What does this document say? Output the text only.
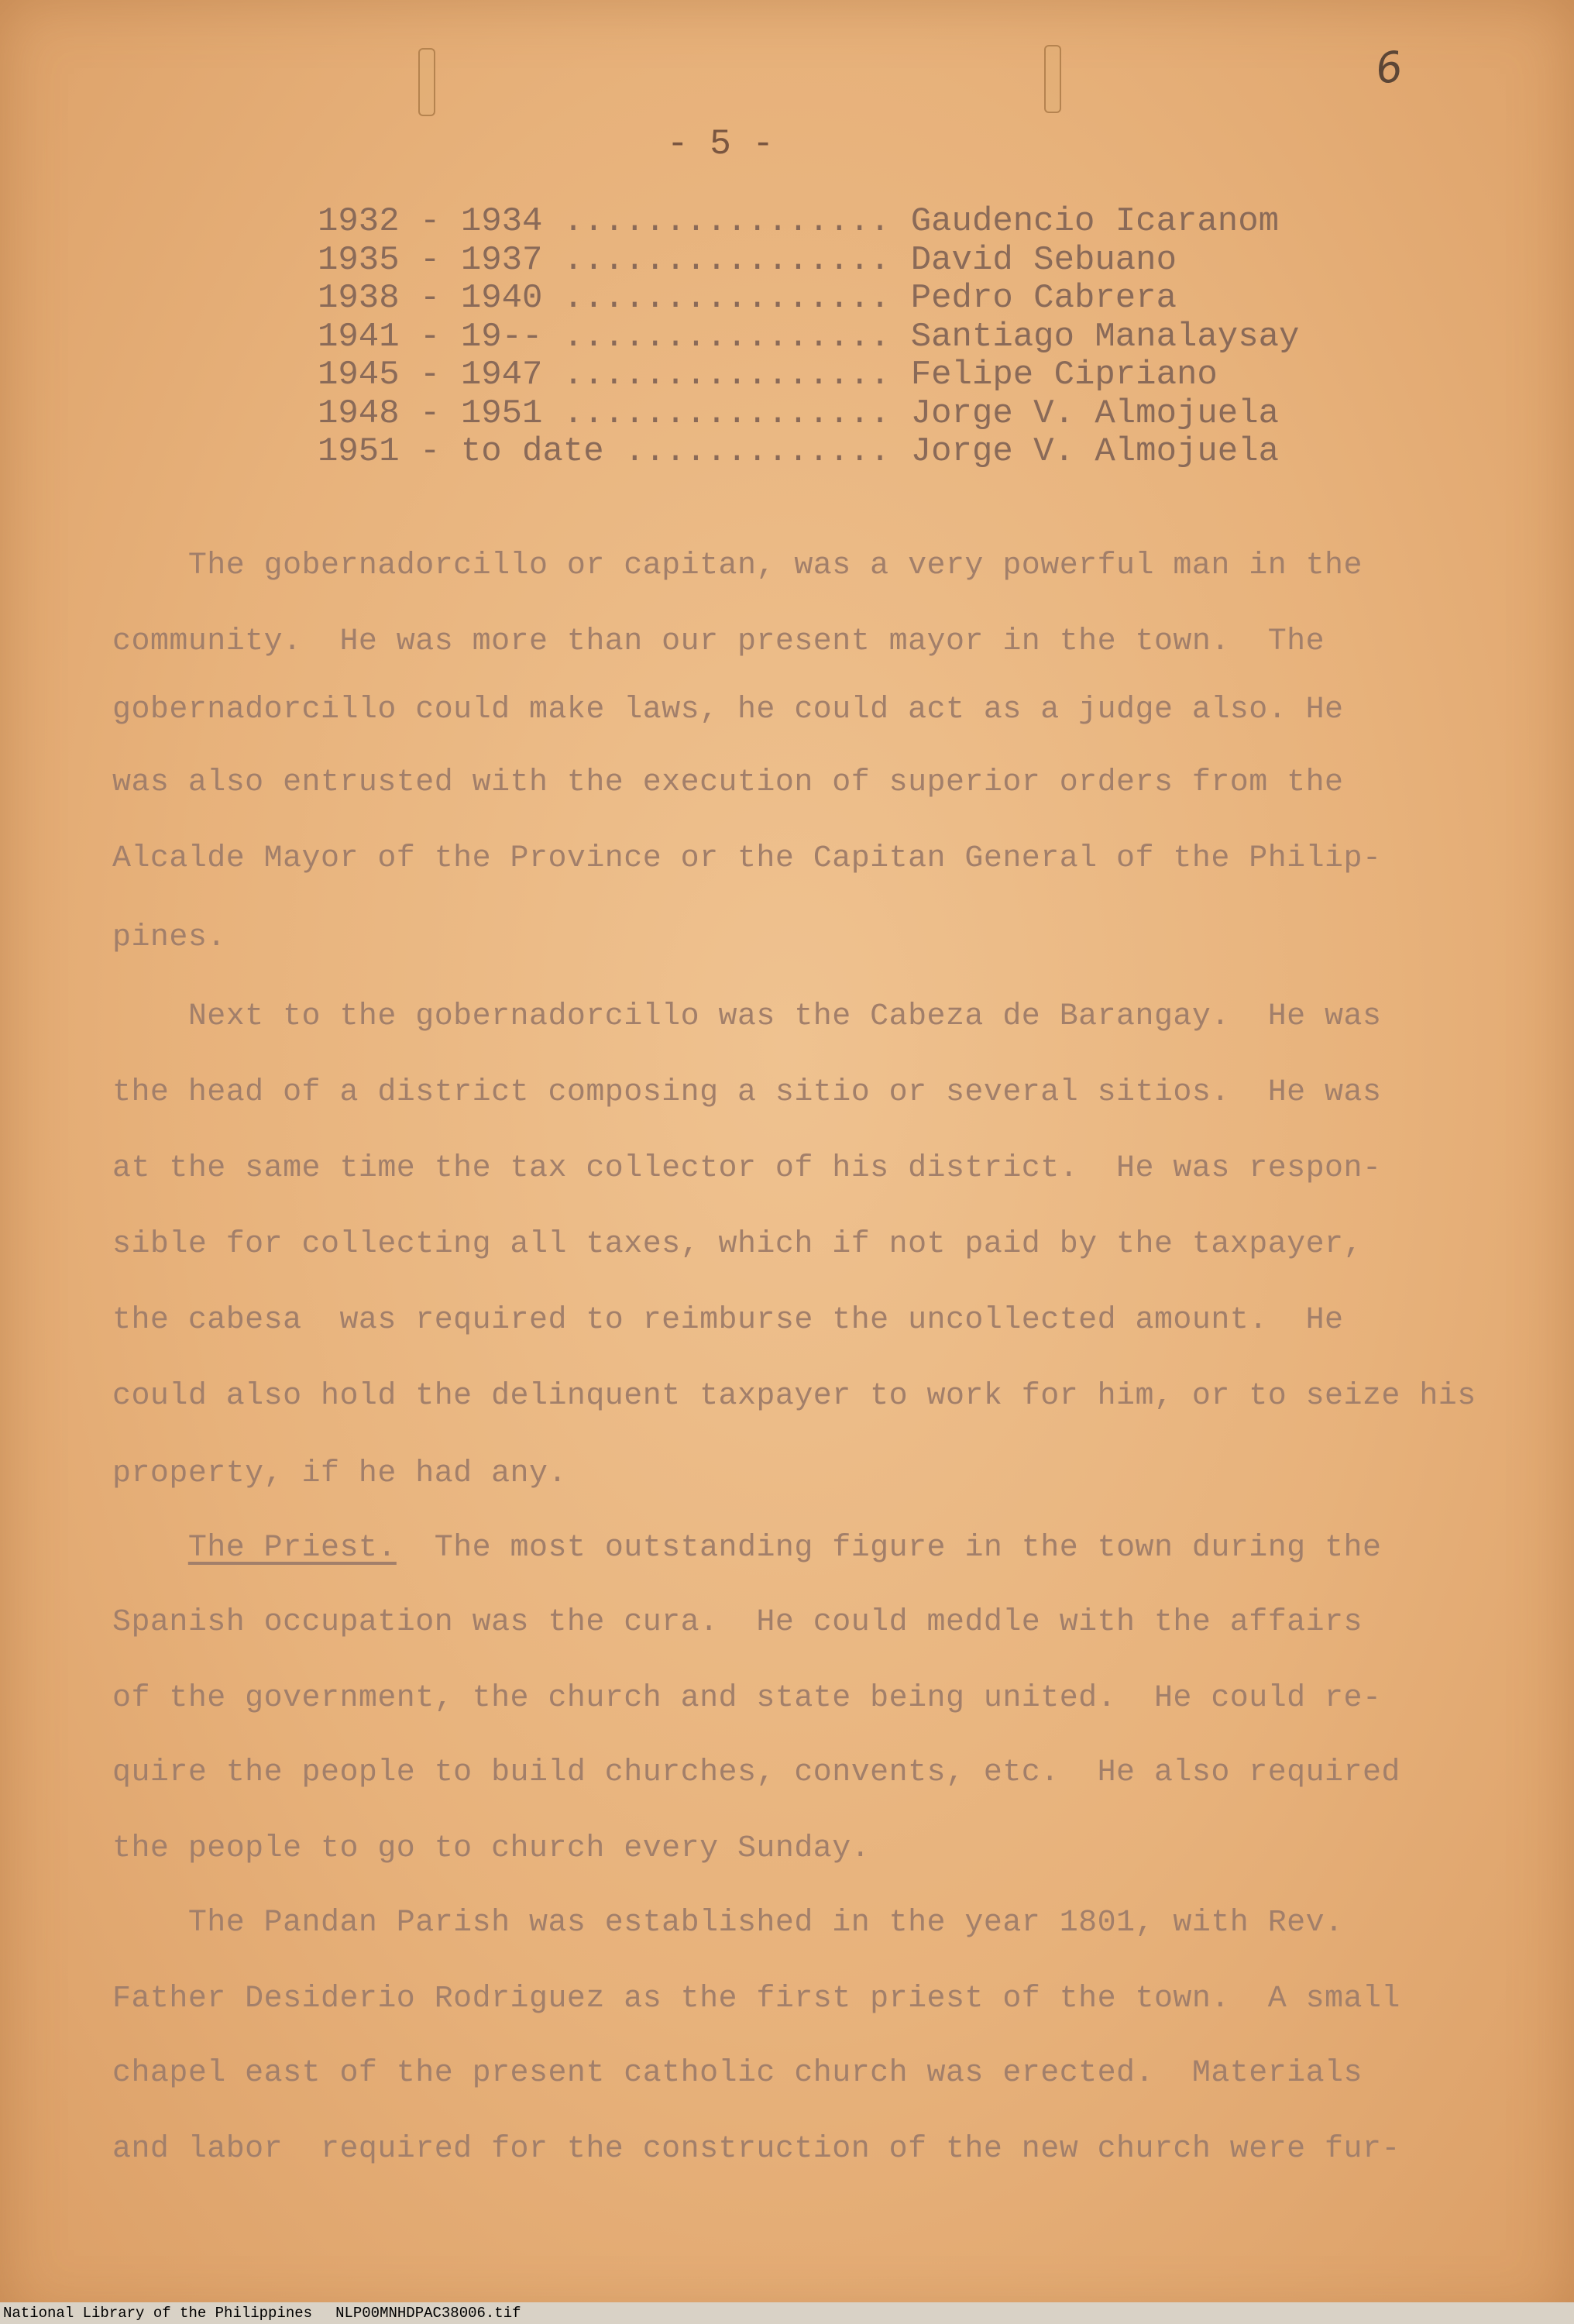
6
- 5 -
1932 - 1934 ................ Gaudencio Icaranom
1935 - 1937 ................ David Sebuano
1938 - 1940 ................ Pedro Cabrera
1941 - 19-- ................ Santiago Manalaysay
1945 - 1947 ................ Felipe Cipriano
1948 - 1951 ................ Jorge V. Almojuela
1951 - to date ............. Jorge V. Almojuela
The gobernadorcillo or capitan, was a very powerful man in the
community.  He was more than our present mayor in the town.  The
gobernadorcillo could make laws, he could act as a judge also. He
was also entrusted with the execution of superior orders from the
Alcalde Mayor of the Province or the Capitan General of the Philip-
pines.
Next to the gobernadorcillo was the Cabeza de Barangay.  He was
the head of a district composing a sitio or several sitios.  He was
at the same time the tax collector of his district.  He was respon-
sible for collecting all taxes, which if not paid by the taxpayer,
the cabesa  was required to reimburse the uncollected amount.  He
could also hold the delinquent taxpayer to work for him, or to seize his
property, if he had any.
The Priest.  The most outstanding figure in the town during the
Spanish occupation was the cura.  He could meddle with the affairs
of the government, the church and state being united.  He could re-
quire the people to build churches, convents, etc.  He also required
the people to go to church every Sunday.
The Pandan Parish was established in the year 1801, with Rev.
Father Desiderio Rodriguez as the first priest of the town.  A small
chapel east of the present catholic church was erected.  Materials
and labor  required for the construction of the new church were fur-
National Library of the Philippines NLP00MNHDPAC38006.tif
